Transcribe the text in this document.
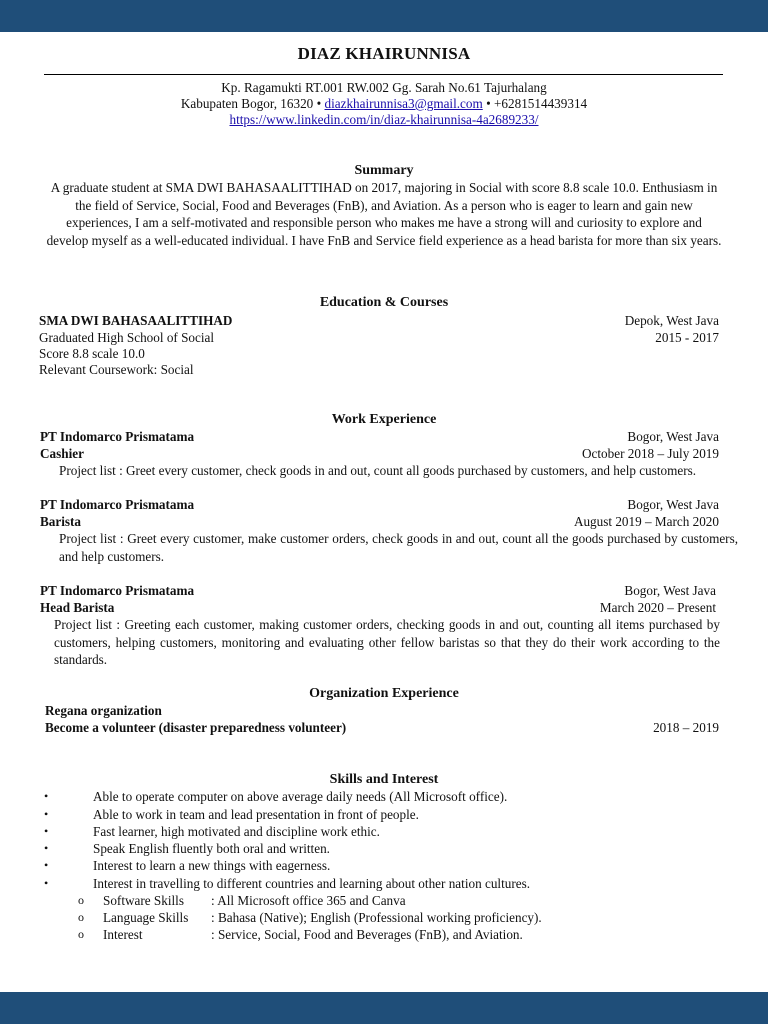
DIAZ KHAIRUNNISA
Kp. Ragamukti RT.001 RW.002 Gg. Sarah No.61 Tajurhalang
Kabupaten Bogor, 16320 • diazkhairunnisa3@gmail.com • +6281514439314
https://www.linkedin.com/in/diaz-khairunnisa-4a2689233/
Summary
A graduate student at SMA DWI BAHASAALITTIHAD on 2017, majoring in Social with score 8.8 scale 10.0. Enthusiasm in the field of Service, Social, Food and Beverages (FnB), and Aviation. As a person who is eager to learn and gain new experiences, I am a self-motivated and responsible person who makes me have a strong will and curiosity to explore and develop myself as a well-educated individual. I have FnB and Service field experience as a head barista for more than six years.
Education & Courses
SMA DWI BAHASAALITTIHAD	Depok, West Java
Graduated High School of Social	2015 - 2017
Score 8.8 scale 10.0
Relevant Coursework: Social
Work Experience
PT Indomarco Prismatama	Bogor, West Java
Cashier	October 2018 – July 2019
Project list : Greet every customer, check goods in and out, count all goods purchased by customers, and help customers.
PT Indomarco Prismatama	Bogor, West Java
Barista	August 2019 – March 2020
Project list : Greet every customer, make customer orders, check goods in and out, count all the goods purchased by customers, and help customers.
PT Indomarco Prismatama	Bogor, West Java
Head Barista	March 2020 – Present
Project list : Greeting each customer, making customer orders, checking goods in and out, counting all items purchased by customers, helping customers, monitoring and evaluating other fellow baristas so that they do their work according to the standards.
Organization Experience
Regana organization
Become a volunteer (disaster preparedness volunteer)	2018 – 2019
Skills and Interest
•	Able to operate computer on above average daily needs (All Microsoft office).
•	Able to work in team and lead presentation in front of people.
•	Fast learner, high motivated and discipline work ethic.
•	Speak English fluently both oral and written.
•	Interest to learn a new things with eagerness.
•	Interest in travelling to different countries and learning about other nation cultures.
o Software Skills : All Microsoft office 365 and Canva
o Language Skills : Bahasa (Native); English (Professional working proficiency).
o Interest	: Service, Social, Food and Beverages (FnB), and Aviation.
